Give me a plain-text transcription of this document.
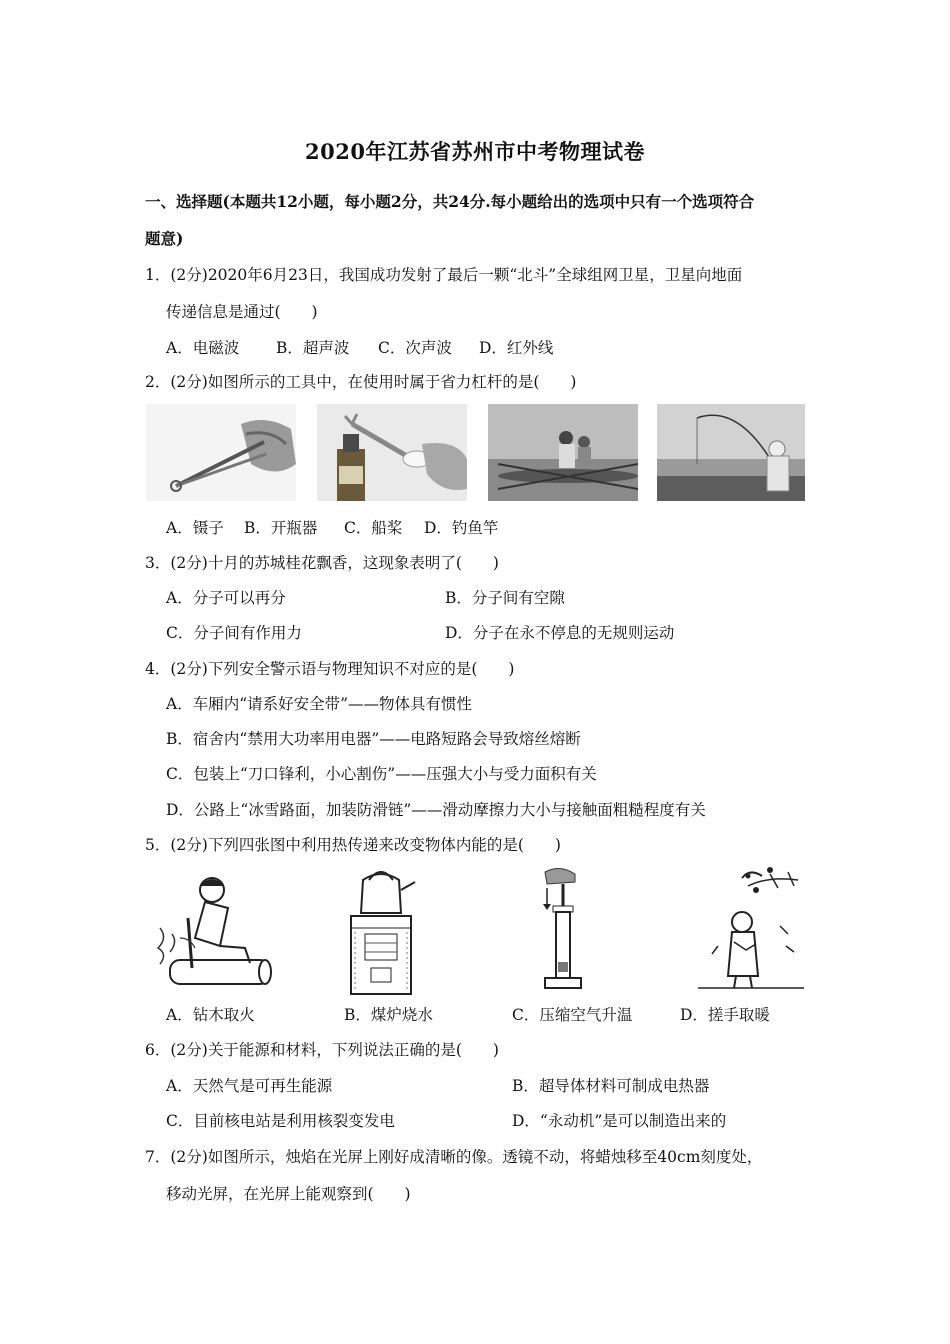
2020年江苏省苏州市中考物理试卷
一、选择题(本题共12小题，每小题2分，共24分.每小题给出的选项中只有一个选项符合
题意)
1．(2分)2020年6月23日，我国成功发射了最后一颗“北斗”全球组网卫星，卫星向地面
传递信息是通过(　　)
A．电磁波 B．超声波 C．次声波 D．红外线
2．(2分)如图所示的工具中，在使用时属于省力杠杆的是(　　)
A．镊子 B．开瓶器 C．船桨 D．钓鱼竿
3．(2分)十月的苏城桂花飘香，这现象表明了(　　)
A．分子可以再分	B．分子间有空隙
C．分子间有作用力	D．分子在永不停息的无规则运动
4．(2分)下列安全警示语与物理知识不对应的是(　　)
A．车厢内“请系好安全带”——物体具有惯性
B．宿舍内“禁用大功率用电器”——电路短路会导致熔丝熔断
C．包装上“刀口锋利，小心割伤”——压强大小与受力面积有关
D．公路上“冰雪路面，加装防滑链”——滑动摩擦力大小与接触面粗糙程度有关
5．(2分)下列四张图中利用热传递来改变物体内能的是(　　)
A．钻木取火	B．煤炉烧水	C．压缩空气升温	D．搓手取暖
6．(2分)关于能源和材料，下列说法正确的是(　　)
A．天然气是可再生能源	B．超导体材料可制成电热器
C．目前核电站是利用核裂变发电	D．“永动机”是可以制造出来的
7．(2分)如图所示，烛焰在光屏上刚好成清晰的像。透镜不动，将蜡烛移至40cm刻度处，
移动光屏，在光屏上能观察到(　　)
